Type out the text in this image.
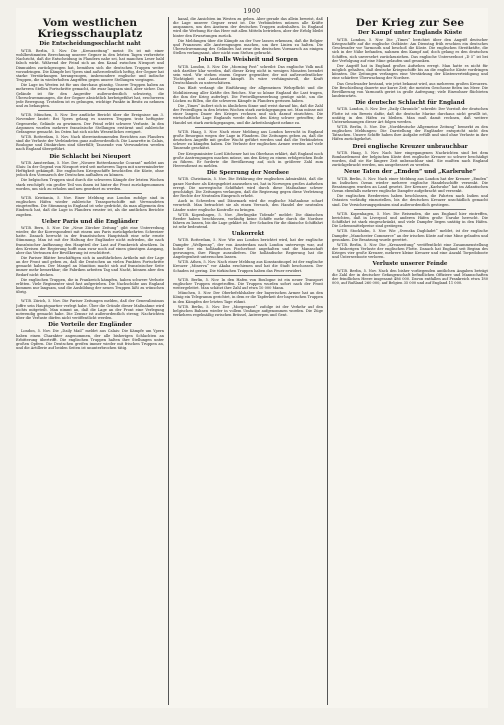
1900
Vom westlichen Kriegsschauplatz
Die Entscheidungsschlacht naht

W.T.B. Berlin, 5. Nov. Die „Kreuzzeitung“ meint: Es ist mit einer wohlbestimmten Berechnung unserer Gegner in den letzten Tagen verbreitete Nachricht, daß die Entscheidung in Flandern nahe sei, hat manchen Leser bald falsch wirkt. Während der Feind sich an den Kanal zwischen Nieuport und Dixmuiden zurückgezogen hat, bemühen sich die deutschen Truppen weiter vorzudringen. Die Kämpfe bei Ypern sind außerordentlich heftig, der Gegner hat starke Verstärkungen herangezogen, insbesondere englische und indische Truppen, die in wiederholten Angriffen gegen unsere Stellungen vorgingen.

Die Lage im Westen ist für uns durchaus günstig. Unsere Truppen haben an mehreren Stellen Fortschritte gemacht, die zwar langsam sind, aber sicher. Das Gelände ist für den Angreifer außerordentlich schwierig, die Überschwemmungen, die der Gegner absichtlich herbeigeführt hat, erschweren jede Bewegung. Trotzdem ist es gelungen, wichtige Punkte in Besitz zu nehmen und zu behaupten.

W.T.B. München, 5. Nov. Der amtliche Bericht über die Ereignisse am 3. November lautet: Bei Ypern gelang es unseren Truppen trotz heftigster Gegenwehr, Gelände zu gewinnen. Der Feind erlitt schwere Verluste. In den Argonnen wurden mehrere französische Stellungen erstürmt und zahlreiche Gefangene gemacht. Im Osten hat sich nichts Wesentliches ereignet.

W.T.B. Rotterdam, 5. Nov. Nach übereinstimmenden Berichten aus Flandern sind die Verluste der Verbündeten ganz außerordentlich. Die Lazarette in Calais, Boulogne und Dünkirchen sind überfüllt; Tausende von Verwundeten werden nach England übergeführt.

Die Schlacht bei Nieuport

W.T.B. Amsterdam, 5. Nov. Der „Nieuwe Rotterdamsche Courant“ meldet aus Sluis: In der Gegend von Nieuport wird seit mehreren Tagen mit unverminderter Heftigkeit gekämpft. Die englischen Kriegsschiffe beschießen die Küste, ohne jedoch den Vormarsch der Deutschen aufhalten zu können.

Die belgischen Truppen sind durch die schweren Kämpfe der letzten Wochen stark erschöpft; ein großer Teil von ihnen ist hinter die Front zurückgenommen worden, um sich zu erholen und neu geordnet zu werden.

W.T.B. Kristiania, 5. Nov. Einer Meldung aus London zufolge sind in englischen Häfen wieder zahlreiche Transportschiffe mit Verwundeten eingetroffen. Die Stimmung in England ist sehr gedrückt, da man allgemein den Eindruck hat, daß die Lage in Flandern ernster ist, als die amtlichen Berichte zugeben.

Ueber Paris und die Engländer

W.T.B. Bern, 5. Nov. Die „Neue Zürcher Zeitung“ gibt eine Unterredung wieder, die ihr Korrespondent mit einem aus Paris zurückgekehrten Schweizer hatte. Danach herrscht in der französischen Hauptstadt eine sehr ernste Stimmung. Man ist mit der Haltung der Engländer nicht zufrieden, die nach französischer Auffassung den Hauptteil der Last auf Frankreich abwälzen. In den Kreisen der Regierung hofft man zwar noch auf einen günstigen Ausgang, aber das Vertrauen der Bevölkerung ist erschüttert.

Die Pariser Blätter beschäftigen sich in ausführlichen Artikeln mit der Lage an der Front und geben zu, daß die Deutschen an vielen Punkten Fortschritte gemacht haben. Der Mangel an Munition macht sich auf französischer Seite immer mehr bemerkbar; die Fabriken arbeiten Tag und Nacht, können aber den Bedarf nicht decken.

Die englischen Truppen, die in Frankreich kämpfen, haben schwere Verluste erlitten. Viele Regimenter sind fast aufgerieben. Die Nachschübe aus England kommen nur langsam, und die Ausbildung der neuen Truppen läßt zu wünschen übrig.

W.T.B. Zürich, 5. Nov. Die Pariser Zeitungen melden, daß der Generalissimus Joffre sein Hauptquartier verlegt habe. Über die Gründe dieser Maßnahme wird nichts mitgeteilt. Man nimmt an, daß die Lage an der Front eine Verlegung notwendig gemacht habe. Die Zensur ist außerordentlich streng; Nachrichten über die Verluste dürfen nicht veröffentlicht werden.

Die Vorteile der Engländer

London, 5. Nov. Die „Daily Mail“ meldet aus Calais: Die Kämpfe um Ypern haben einen Charakter angenommen, der alle bisherigen Schlachten an Erbitterung übertrifft. Die englischen Truppen halten ihre Stellungen unter großen Opfern. Die Deutschen greifen immer wieder mit frischen Truppen an, und die Artillerie auf beiden Seiten ist ununterbrochen tätig.

kanal, die Ansichten im Westen zu geben. Aber gerade das allein beweist, daß die Lage unserer Gegner ernst ist. Die Verbündeten müssen alle Kräfte anspannen, um den Ansturm der deutschen Truppen aufzuhalten. In England wird die Werbung für das Heer mit allen Mitteln betrieben, aber der Erfolg bleibt hinter den Erwartungen zurück.

Die Meldungen über die Kämpfe an der Yser lassen erkennen, daß die Belgier und Franzosen alle Anstrengungen machen, um ihre Linien zu halten. Die Überschwemmung des Geländes hat zwar den deutschen Vormarsch an einigen Stellen verlangsamt, aber nicht zum Stehen gebracht.

John Bulls Weisheit und Sorgen

W.T.B. London, 5. Nov. Die „Morning Post“ schreibt: Das englische Volk muß sich darüber klar werden, daß dieser Krieg nicht in wenigen Monaten beendet sein wird. Wir stehen einem Gegner gegenüber, der mit außerordentlicher Tüchtigkeit und Ausdauer kämpft. Es wäre verhängnisvoll, die Kraft Deutschlands zu unterschätzen.

Das Blatt verlangt die Einführung der allgemeinen Wehrpflicht und die Mobilisierung aller Kräfte des Reiches. Nur so könne England die Last tragen, die ihm der Krieg auferlegt. Die Freiwilligenwerbung genüge nicht, um die Lücken zu füllen, die die schweren Kämpfe in Flandern gerissen haben.

Die „Times“ äußert sich in ähnlichem Sinne und weist darauf hin, daß die Zahl der Freiwilligen in den letzten Wochen stark zurückgegangen sei. Man müsse mit einer langen Dauer des Krieges rechnen und sich darauf einrichten. Die wirtschaftliche Lage Englands werde durch den Krieg schwer getroffen; der Handel sei stark zurückgegangen, und die Arbeitslosigkeit nehme zu.

W.T.B. Haag, 5. Nov. Nach einer Meldung aus London herrscht in England große Besorgnis wegen der Lage in Flandern. Die Zeitungen geben zu, daß die deutschen Angriffe mit großer Wucht geführt werden und daß die Verbündeten schwer zu kämpfen haben. Die Verluste der englischen Armee werden auf viele Tausende geschätzt.

Der Kriegsminister Lord Kitchener hat im Oberhaus erklärt, daß England noch große Anstrengungen machen müsse, um den Krieg zu einem erfolgreichen Ende zu führen. Er forderte die Bevölkerung auf, sich in größerer Zahl zum Heeresdienst zu melden.

Die Sperrung der Nordsee

W.T.B. Christiania, 5. Nov. Die Erklärung der englischen Admiralität, daß die ganze Nordsee als Kriegsgebiet anzusehen sei, hat in Norwegen großes Aufsehen erregt. Die norwegische Schiffahrt wird durch diese Maßnahme schwer geschädigt. Die Zeitungen verlangen, daß die Regierung gegen diese Verletzung der Rechte der Neutralen Einspruch erhebt.

Auch in Schweden und Dänemark wird die englische Maßnahme scharf verurteilt. Man betrachtet sie als einen Versuch, den Handel der neutralen Länder unter englische Kontrolle zu bringen.

W.T.B. Kopenhagen, 5. Nov. „Berlingske Tidende“ meldet: Die dänischen Reeder haben beschlossen, vorläufig keine Schiffe mehr durch die Nordsee fahren zu lassen, bis die Lage geklärt ist. Der Schaden für die dänische Schiffahrt ist sehr bedeutend.

Unkorrekt

W.T.B. Rotterdam, 5. Nov. Wie aus London berichtet wird, hat der englische Dampfer „Wellpenny“, der von Amsterdam nach London unterwegs war, auf hoher See ein holländisches Fischerboot angehalten und die Mannschaft gezwungen, ihre Fänge auszuliefern. Die holländische Regierung hat die Angelegenheit untersuchen lassen.

W.T.B. Athen, 5. Nov. Nach einer Meldung aus Konstantinopel ist der englische Kreuzer „Minerva“ vor Akaba erschienen und hat die Stadt beschossen. Der Schaden ist gering. Die türkischen Truppen haben das Feuer erwidert.

W.T.B. Berlin, 5. Nov. In den Hafen von Boulogne ist ein neuer Transport englischer Truppen eingetroffen. Die Truppen wurden sofort nach der Front weitergeleitet. Man schätzt ihre Zahl auf etwa 10 000 Mann.

München, 5. Nov. Der Oberbefehlshaber der bayerischen Armee hat an den König ein Telegramm gerichtet, in dem er die Tapferkeit der bayerischen Truppen in den Kämpfen der letzten Tage rühmt.

W.T.B. Berlin, 5. Nov. Der „Morgenpost“ zufolge ist der Verkehr auf den belgischen Bahnen wieder in vollem Umfange aufgenommen worden. Die Züge verkehren regelmäßig zwischen Brüssel, Antwerpen und Gent.

Der Krieg zur See
Der Kampf unter Englands Küste

W.T.B. London, 5. Nov. Die „Times“ berichtet über den Angriff deutscher Kriegsschiffe auf die englische Ostküste: Am Dienstag früh erschien ein deutsches Geschwader vor Yarmouth und beschoß die Küste. Die englischen Streitkräfte, die sich in der Nähe befanden, nahmen den Kampf auf, doch gelang es den deutschen Schiffen, sich unversehrt zurückzuziehen. Das englische Unterseeboot „D 5“ ist bei der Verfolgung auf eine Mine gelaufen und gesunken.

Der Angriff hat in England großes Aufsehen erregt. Man hatte es nicht für möglich gehalten, daß deutsche Kriegsschiffe bis an die englische Küste vordringen könnten. Die Zeitungen verlangen eine Verstärkung der Küstenverteidigung und eine schärfere Überwachung der Nordsee.

Das Geschwader bestand, wie jetzt bekannt wird, aus mehreren großen Kreuzern. Die Beschießung dauerte nur kurze Zeit; die meisten Geschosse fielen ins Meer. Die Bevölkerung von Yarmouth geriet in große Aufregung; viele Einwohner flüchteten landeinwärts.

Die deutsche Schlacht für England

W.T.B. London, 5. Nov. Der „Daily Chronicle“ schreibt: Der Vorstoß der deutschen Flotte ist ein Beweis dafür, daß die deutsche Marine durchaus nicht gewillt ist, untätig in den Häfen zu bleiben. Man muß damit rechnen, daß weitere Unternehmungen dieser Art folgen werden.

W.T.B. Berlin, 5. Nov. Die „Norddeutsche Allgemeine Zeitung“ bemerkt zu den englischen Meldungen: Die Darstellung der Engländer entspricht nicht den Tatsachen. Unsere Schiffe haben ihre Aufgabe erfüllt und sind ohne Verluste in ihre Häfen zurückgekehrt.

Drei englische Kreuzer unbrauchbar

W.T.B. Haag, 5. Nov. Nach hier eingegangenen Nachrichten sind bei dem Bombardement der belgischen Küste drei englische Kreuzer so schwer beschädigt worden, daß sie für längere Zeit unbrauchbar sind. Sie mußten nach England zurückgebracht werden, um ausgebessert zu werden.

Neue Taten der „Emden“ und „Karlsruhe“

W.T.B. Berlin, 5. Nov. Nach einer Meldung aus London hat der Kreuzer „Emden“ im Indischen Ozean wieder mehrere englische Handelsschiffe versenkt. Die Besatzungen wurden an Land gesetzt. Der Kreuzer „Karlsruhe“ hat im Atlantischen Ozean ebenfalls mehrere englische Dampfer aufgebracht und versenkt.

Die englischen Reedereien haben beschlossen, die Fahrten nach Indien und Ostasien vorläufig einzustellen, bis die deutschen Kreuzer unschädlich gemacht sind. Die Versicherungsprämien sind außerordentlich gestiegen.

W.T.B. Kopenhagen, 5. Nov. Die Reisenden, die aus England hier eintreffen, berichten, daß in Liverpool und anderen Häfen große Unruhe herrscht. Die Schiffahrt ist stark eingeschränkt, und viele Dampfer liegen untätig in den Häfen. Die Lebensmittelpreise sind gestiegen.

W.T.B. Stockholm, 5. Nov. Wie „Svenska Dagbladet“ meldet, ist der englische Dampfer „Manchester Commerce“ an der irischen Küste auf eine Mine gelaufen und gesunken. Die Besatzung wurde gerettet.

W.T.B. Berlin, 5. Nov. Die „Kreuzzeitung“ veröffentlicht eine Zusammenstellung der bisherigen Verluste der englischen Flotte. Danach hat England seit Beginn des Krieges vier große Kreuzer, mehrere kleine Kreuzer und eine Anzahl Torpedoboote und Unterseeboote verloren.

Verluste unserer Feinde

W.T.B. Berlin, 5. Nov. Nach den bisher vorliegenden amtlichen Angaben beträgt die Zahl der in deutscher Gefangenschaft befindlichen Offiziere und Mannschaften der feindlichen Heere insgesamt 486 000. Davon entfallen auf Frankreich etwa 180 000, auf Rußland 260 000, auf Belgien 35 000 und auf England 11 000.
